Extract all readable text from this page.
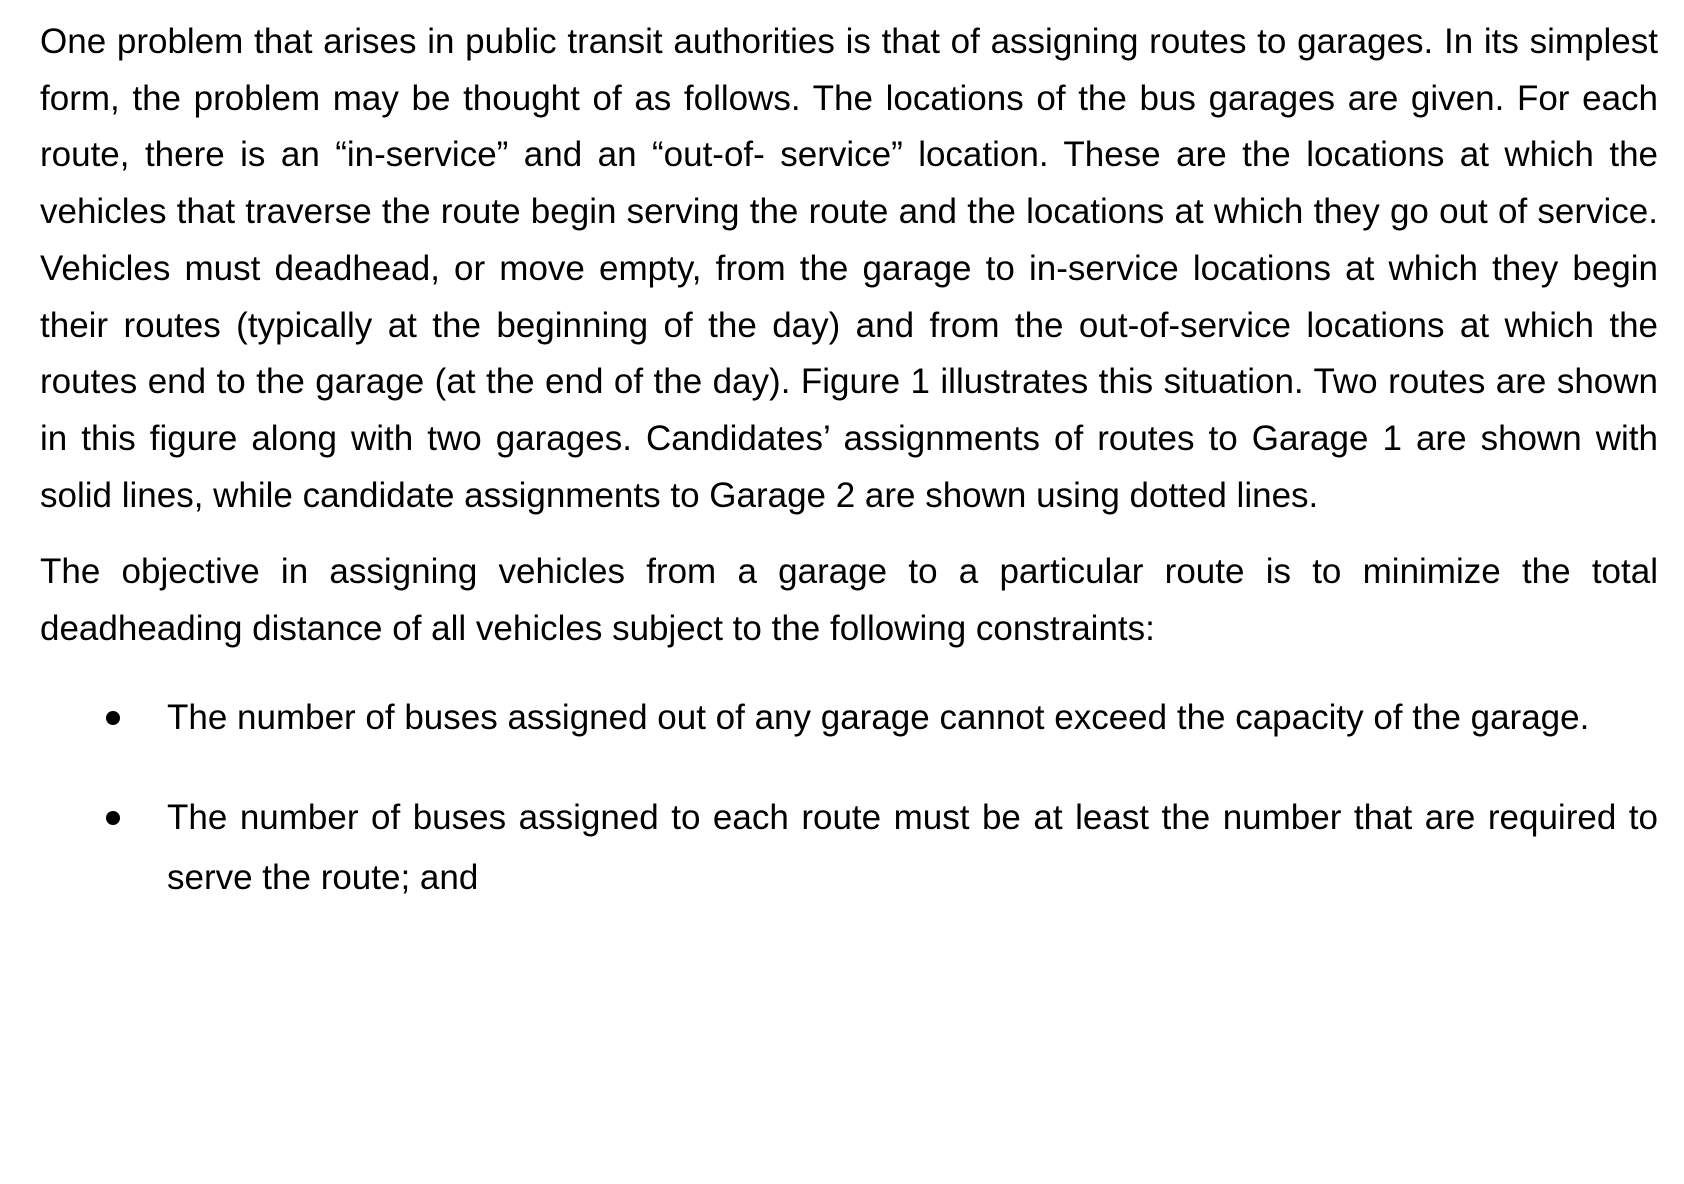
One problem that arises in public transit authorities is that of assigning routes to garages. In its simplest form, the problem may be thought of as follows. The locations of the bus garages are given. For each route, there is an “in-service” and an “out-of- service” location. These are the locations at which the vehicles that traverse the route begin serving the route and the locations at which they go out of service. Vehicles must deadhead, or move empty, from the garage to in-service locations at which they begin their routes (typically at the beginning of the day) and from the out-of-service locations at which the routes end to the garage (at the end of the day). Figure 1 illustrates this situation. Two routes are shown in this figure along with two garages. Candidates’ assignments of routes to Garage 1 are shown with solid lines, while candidate assignments to Garage 2 are shown using dotted lines.

The objective in assigning vehicles from a garage to a particular route is to minimize the total deadheading distance of all vehicles subject to the following constraints:

The number of buses assigned out of any garage cannot exceed the capacity of the garage.
The number of buses assigned to each route must be at least the number that are required to serve the route; and
